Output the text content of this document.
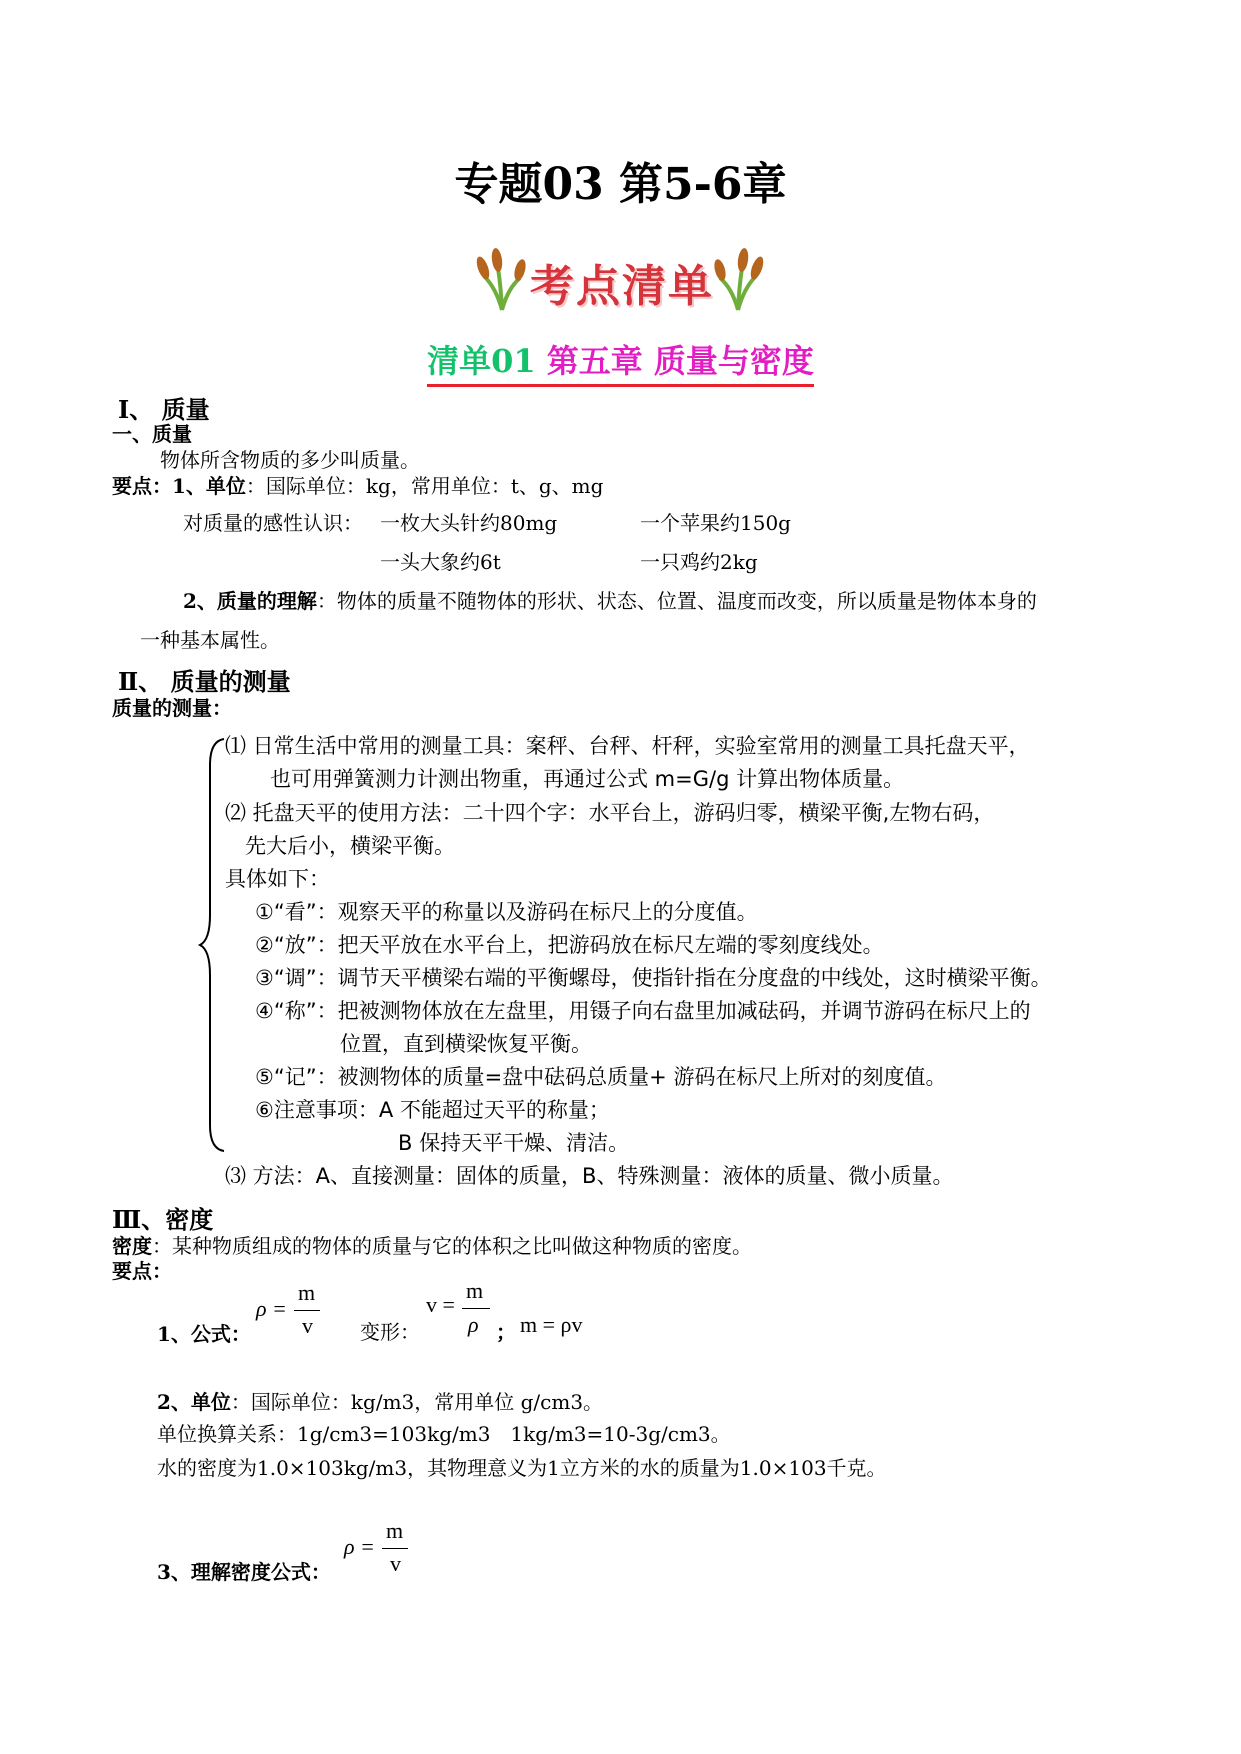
专题03 第5-6章
考点清单
清单01 第五章 质量与密度
Ⅰ、 质量
一、质量
物体所含物质的多少叫质量。
要点：1、单位：国际单位：kg，常用单位：t、g、mg
对质量的感性认识： 一枚大头针约80mg	一个苹果约150g
一头大象约6t	一只鸡约2kg
2、质量的理解：物体的质量不随物体的形状、状态、位置、温度而改变，所以质量是物体本身的
一种基本属性。
Ⅱ、 质量的测量
质量的测量：
⑴ 日常生活中常用的测量工具：案秤、台秤、杆秤，实验室常用的测量工具托盘天平，
也可用弹簧测力计测出物重，再通过公式 m=G/g 计算出物体质量。
⑵ 托盘天平的使用方法：二十四个字：水平台上，游码归零，横梁平衡,左物右码，
先大后小，横梁平衡。
具体如下：
①“看”：观察天平的称量以及游码在标尺上的分度值。
②“放”：把天平放在水平台上，把游码放在标尺左端的零刻度线处。
③“调”：调节天平横梁右端的平衡螺母，使指针指在分度盘的中线处，这时横梁平衡。
④“称”：把被测物体放在左盘里，用镊子向右盘里加减砝码，并调节游码在标尺上的
位置，直到横梁恢复平衡。
⑤“记”：被测物体的质量=盘中砝码总质量+ 游码在标尺上所对的刻度值。
⑥注意事项：A 不能超过天平的称量；
B 保持天平干燥、清洁。
⑶ 方法：A、直接测量：固体的质量，B、特殊测量：液体的质量、微小质量。
Ⅲ、密度
密度：某种物质组成的物体的质量与它的体积之比叫做这种物质的密度。
要点：
1、公式：
ρ =
m
v 变形：
v =
m
ρ ； m = ρv
2、单位：国际单位：kg/m3，常用单位 g/cm3。
单位换算关系：1g/cm3=103kg/m3　1kg/m3=10-3g/cm3。
水的密度为1.0×103kg/m3，其物理意义为1立方米的水的质量为1.0×103千克。
3、理解密度公式：
ρ =
m
v
